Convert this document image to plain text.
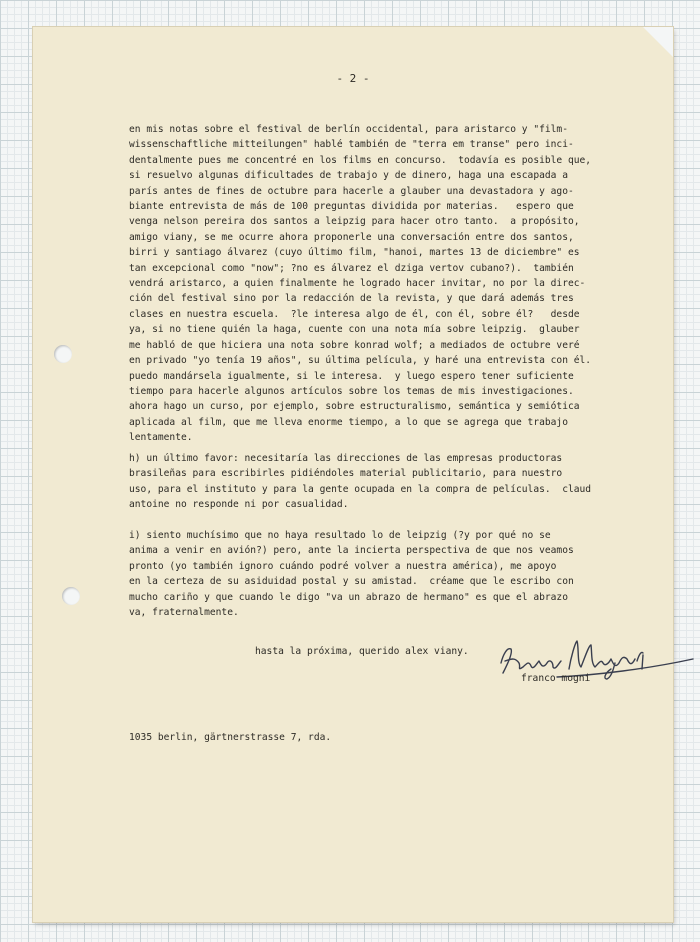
- 2 -
en mis notas sobre el festival de berlín occidental, para aristarco y "film-
wissenschaftliche mitteilungen" hablé también de "terra em transe" pero inci-
dentalmente pues me concentré en los films en concurso.  todavía es posible que,
si resuelvo algunas dificultades de trabajo y de dinero, haga una escapada a
parís antes de fines de octubre para hacerle a glauber una devastadora y ago-
biante entrevista de más de 100 preguntas dividida por materias.   espero que
venga nelson pereira dos santos a leipzig para hacer otro tanto.  a propósito,
amigo viany, se me ocurre ahora proponerle una conversación entre dos santos,
birri y santiago álvarez (cuyo último film, "hanoi, martes 13 de diciembre" es
tan excepcional como "now"; ?no es álvarez el dziga vertov cubano?).  también
vendrá aristarco, a quien finalmente he logrado hacer invitar, no por la direc-
ción del festival sino por la redacción de la revista, y que dará además tres
clases en nuestra escuela.  ?le interesa algo de él, con él, sobre él?   desde
ya, si no tiene quién la haga, cuente con una nota mía sobre leipzig.  glauber
me habló de que hiciera una nota sobre konrad wolf; a mediados de octubre veré
en privado "yo tenía 19 años", su última película, y haré una entrevista con él.
puedo mandársela igualmente, si le interesa.  y luego espero tener suficiente
tiempo para hacerle algunos artículos sobre los temas de mis investigaciones.
ahora hago un curso, por ejemplo, sobre estructuralismo, semántica y semiótica
aplicada al film, que me lleva enorme tiempo, a lo que se agrega que trabajo
lentamente.
h) un último favor: necesitaría las direcciones de las empresas productoras
brasileñas para escribirles pidiéndoles material publicitario, para nuestro
uso, para el instituto y para la gente ocupada en la compra de películas.  claud
antoine no responde ni por casualidad.
i) siento muchísimo que no haya resultado lo de leipzig (?y por qué no se
anima a venir en avión?) pero, ante la incierta perspectiva de que nos veamos
pronto (yo también ignoro cuándo podré volver a nuestra américa), me apoyo
en la certeza de su asiduidad postal y su amistad.  créame que le escribo con
mucho cariño y que cuando le digo "va un abrazo de hermano" es que el abrazo
va, fraternalmente.
hasta la próxima, querido alex viany.
franco mogni
1035 berlin, gärtnerstrasse 7, rda.
